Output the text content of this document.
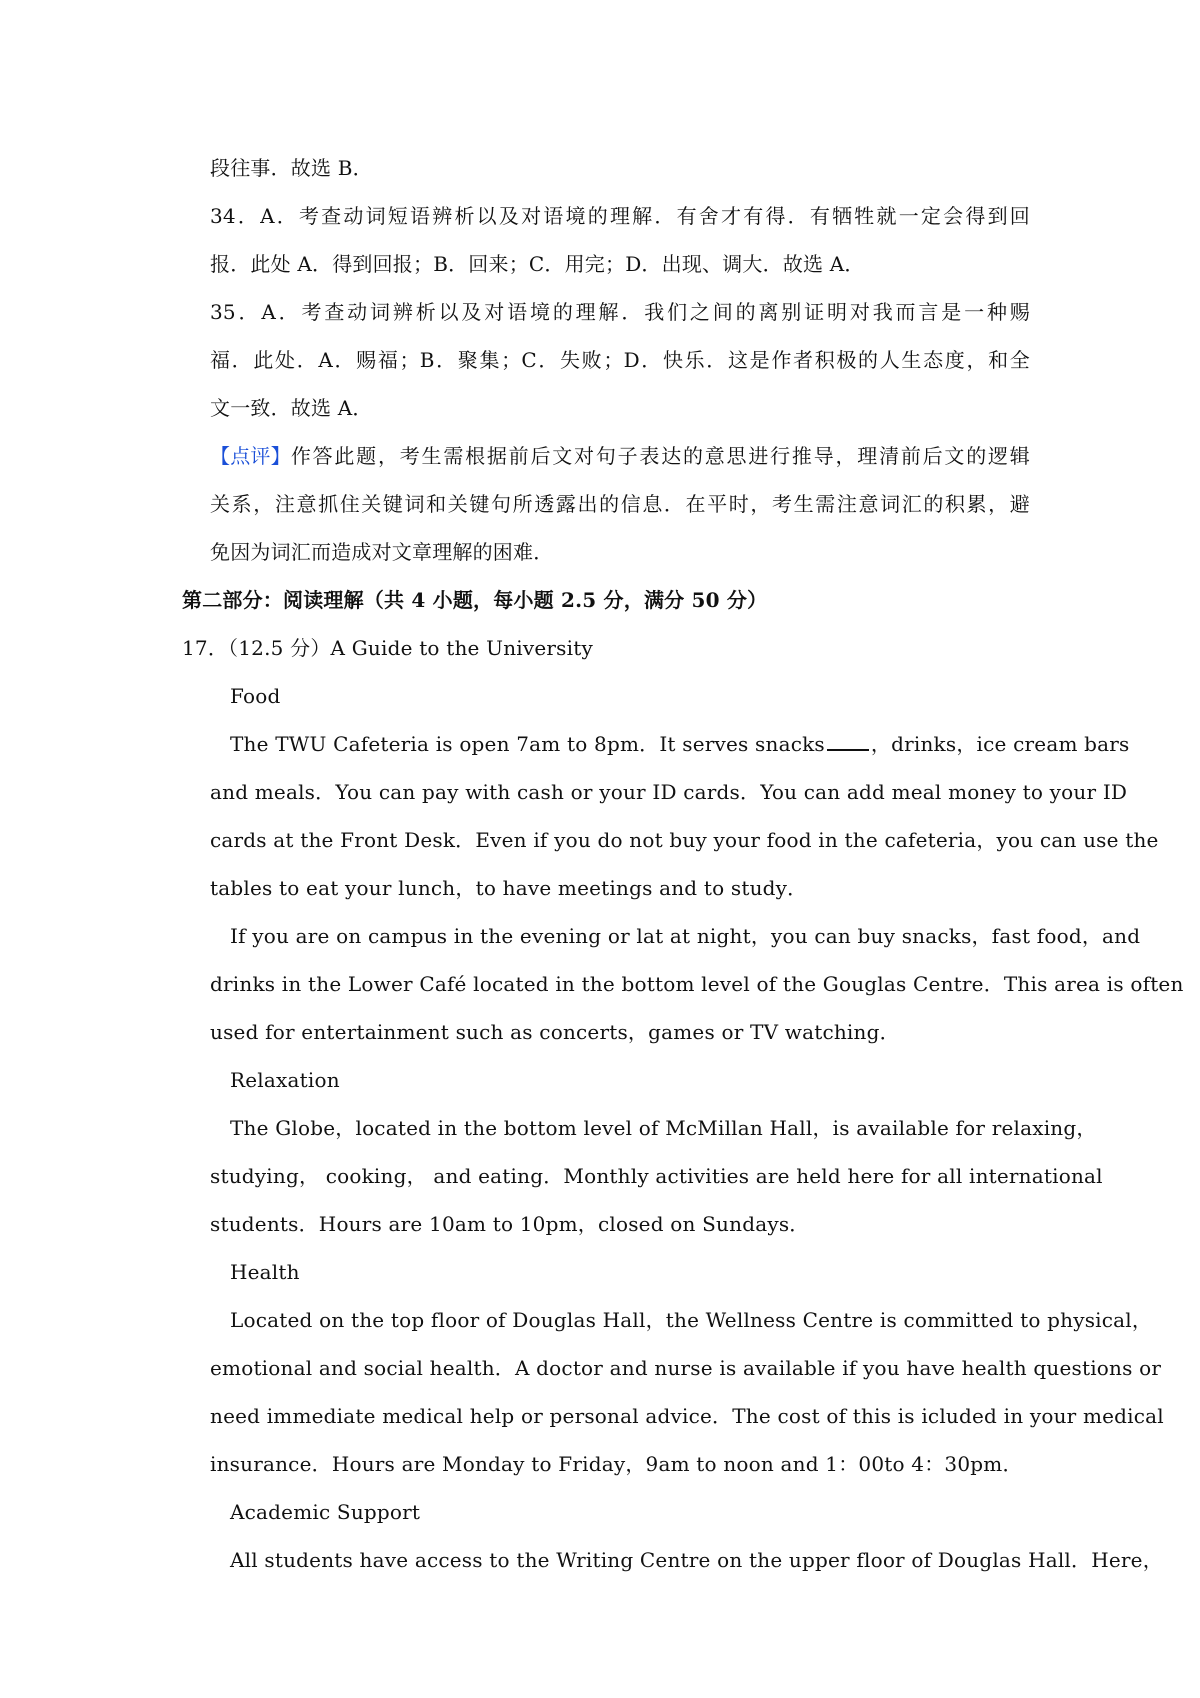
段往事．故选 B．
34．A．考查动词短语辨析以及对语境的理解．有舍才有得．有牺牲就一定会得到回
报．此处 A．得到回报；B．回来；C．用完；D．出现、调大．故选 A．
35．A．考查动词辨析以及对语境的理解．我们之间的离别证明对我而言是一种赐
福．此处．A．赐福；B．聚集；C．失败；D．快乐．这是作者积极的人生态度，和全
文一致．故选 A．
【点评】 作答此题，考生需根据前后文对句子表达的意思进行推导，理清前后文的逻辑
关系，注意抓住关键词和关键句所透露出的信息．在平时，考生需注意词汇的积累，避
免因为词汇而造成对文章理解的困难．
第二部分：阅读理解（共 4 小题，每小题 2.5 分，满分 50 分）
17．（12.5 分）A Guide to the University
Food
The TWU Cafeteria is open 7am to 8pm．It serves snacks	，drinks，ice cream bars
and meals．You can pay with cash or your ID cards．You can add meal money to your ID
cards at the Front Desk．Even if you do not buy your food in the cafeteria，you can use the
tables to eat your lunch，to have meetings and to study．
If you are on campus in the evening or lat at night，you can buy snacks，fast food，and
drinks in the Lower Café located in the bottom level of the Gouglas Centre．This area is often
used for entertainment such as concerts，games or TV watching．
Relaxation
The Globe，located in the bottom level of McMillan Hall，is available for relaxing，
studying， cooking， and eating．Monthly activities are held here for all international
students．Hours are 10am to 10pm，closed on Sundays．
Health
Located on the top floor of Douglas Hall，the Wellness Centre is committed to physical，
emotional and social health．A doctor and nurse is available if you have health questions or
need immediate medical help or personal advice．The cost of this is icluded in your medical
insurance．Hours are Monday to Friday，9am to noon and 1：00to 4：30pm．
Academic Support
All students have access to the Writing Centre on the upper floor of Douglas Hall．Here，
